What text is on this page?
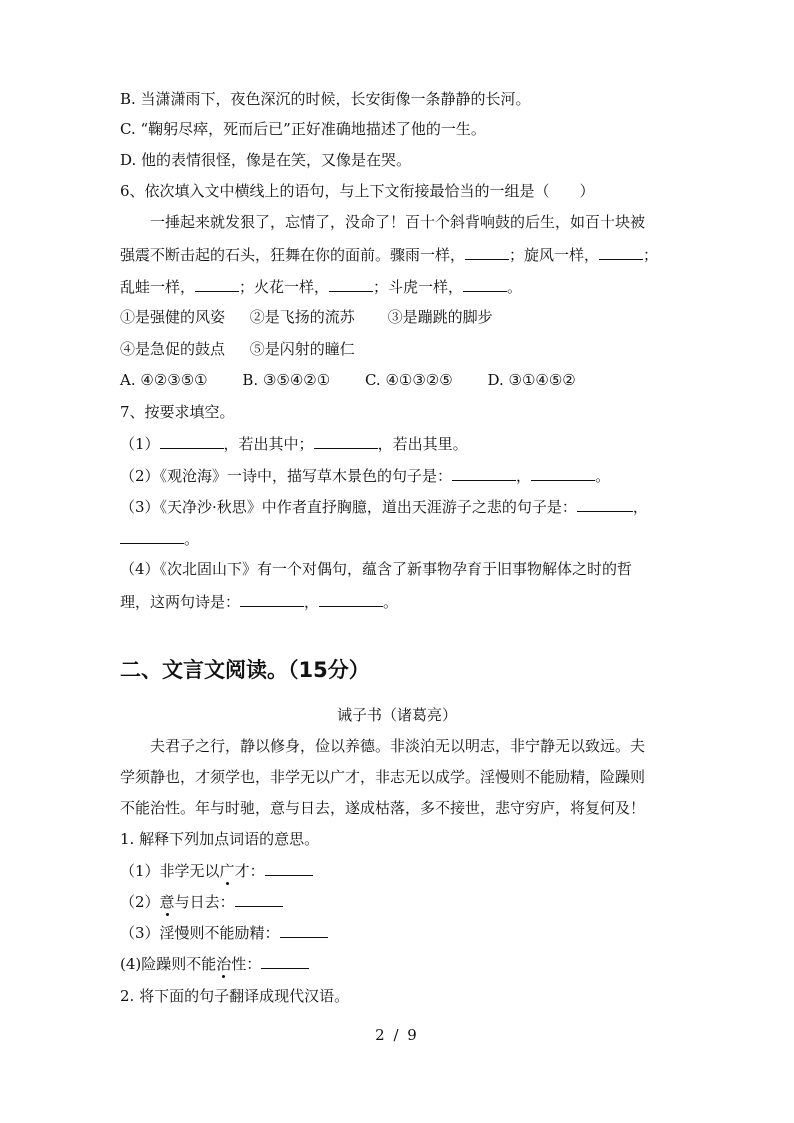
B. 当潇潇雨下，夜色深沉的时候，长安街像一条静静的长河。
C. “鞠躬尽瘁，死而后已”正好准确地描述了他的一生。
D. 他的表情很怪，像是在笑，又像是在哭。
6、依次填入文中横线上的语句，与上下文衔接最恰当的一组是（　　）
一捶起来就发狠了，忘情了，没命了！百十个斜背响鼓的后生，如百十块被
强震不断击起的石头，狂舞在你的面前。骤雨一样，	；旋风一样，	；
乱蛙一样，	；火花一样，	；斗虎一样，	。
①是强健的风姿 ②是飞扬的流苏 ③是蹦跳的脚步
④是急促的鼓点 ⑤是闪射的瞳仁
A. ④②③⑤① B. ③⑤④②① C. ④①③②⑤ D. ③①④⑤②
7、按要求填空。
（1）	，若出其中；	，若出其里。
（2）《观沧海》一诗中，描写草木景色的句子是：	，	。
（3）《天净沙·秋思》中作者直抒胸臆，道出天涯游子之悲的句子是：	，
。
（4）《次北固山下》有一个对偶句，蕴含了新事物孕育于旧事物解体之时的哲
理，这两句诗是：	，	。
二、文言文阅读。（15分）
诫子书（诸葛亮）
夫君子之行，静以修身，俭以养德。非淡泊无以明志，非宁静无以致远。夫
学须静也，才须学也，非学无以广才，非志无以成学。淫慢则不能励精，险躁则
不能治性。年与时驰，意与日去，遂成枯落，多不接世，悲守穷庐，将复何及！
1. 解释下列加点词语的意思。
（1）非学无以广才：
（2）意与日去：
（3）淫慢则不能励精：
(4)险躁则不能治性：
2. 将下面的句子翻译成现代汉语。
2 / 9
